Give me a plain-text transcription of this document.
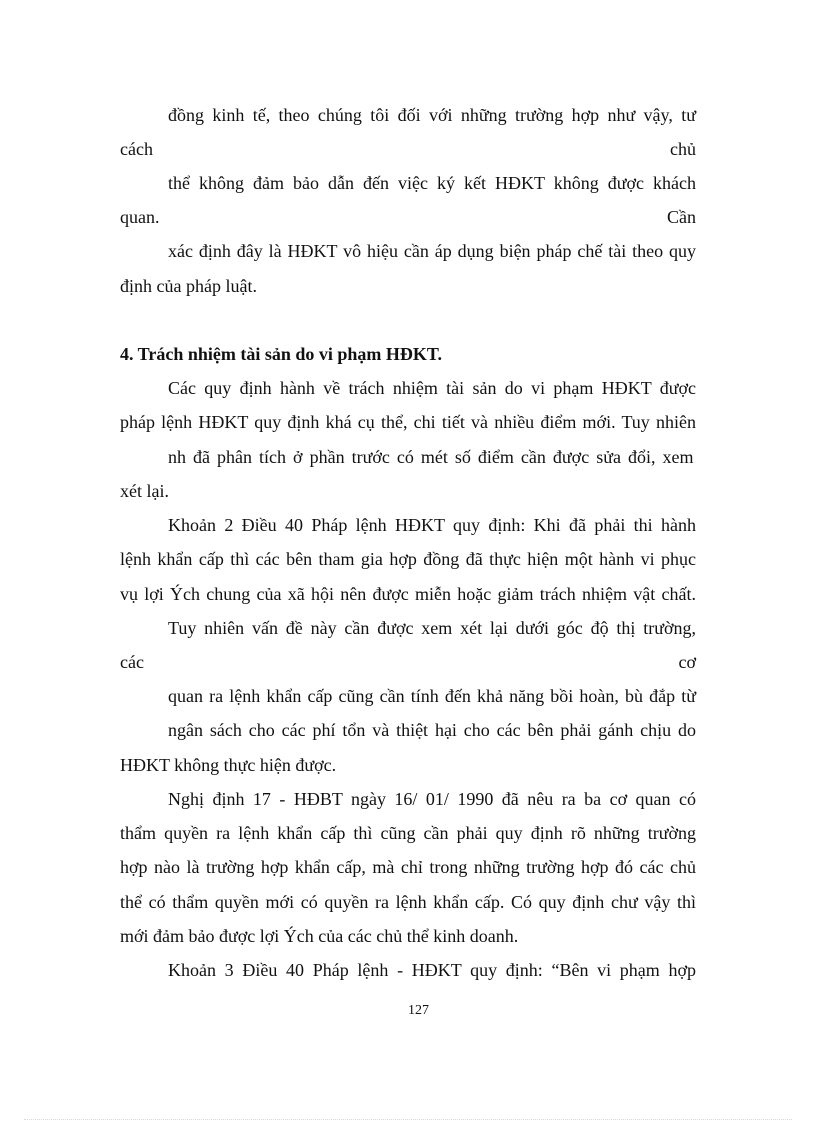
đồng kinh tế, theo chúng tôi đối với những trường hợp như vậy, tư
cách	chủ
thể không đảm bảo dẫn đến việc ký kết HĐKT không được khách
quan.	Cần
xác định đây là HĐKT vô hiệu cần áp dụng biện pháp chế tài theo quy
định của pháp luật.
4. Trách nhiệm tài sản do vi phạm HĐKT.
Các quy định hành về trách nhiệm tài sản do vi phạm HĐKT được
pháp lệnh HĐKT quy định khá cụ thể, chi tiết và nhiều điểm mới. Tuy nhiên
nh đã phân tích ở phần trước có mét số điểm cần được sửa đổi, xem
xét lại.
Khoản 2 Điều 40 Pháp lệnh HĐKT quy định: Khi đã phải thi hành
lệnh khẩn cấp thì các bên tham gia hợp đồng đã thực hiện một hành vi phục
vụ lợi Ých chung của xã hội nên được miễn hoặc giảm trách nhiệm vật chất.
Tuy nhiên vấn đề này cần được xem xét lại dưới góc độ thị trường,
các	cơ
quan ra lệnh khẩn cấp cũng cần tính đến khả năng bồi hoàn, bù đắp từ
ngân sách cho các phí tổn và thiệt hại cho các bên phải gánh chịu do
HĐKT không thực hiện được.
Nghị định 17 - HĐBT ngày 16/ 01/ 1990 đã nêu ra ba cơ quan có
thẩm quyền ra lệnh khẩn cấp thì cũng cần phải quy định rõ những trường
hợp nào là trường hợp khẩn cấp, mà chỉ trong những trường hợp đó các chủ
thể có thẩm quyền mới có quyền ra lệnh khẩn cấp. Có quy định chư vậy thì
mới đảm bảo được lợi Ých của các chủ thể kinh doanh.
Khoản 3 Điều 40 Pháp lệnh - HĐKT quy định: “Bên vi phạm hợp
127
